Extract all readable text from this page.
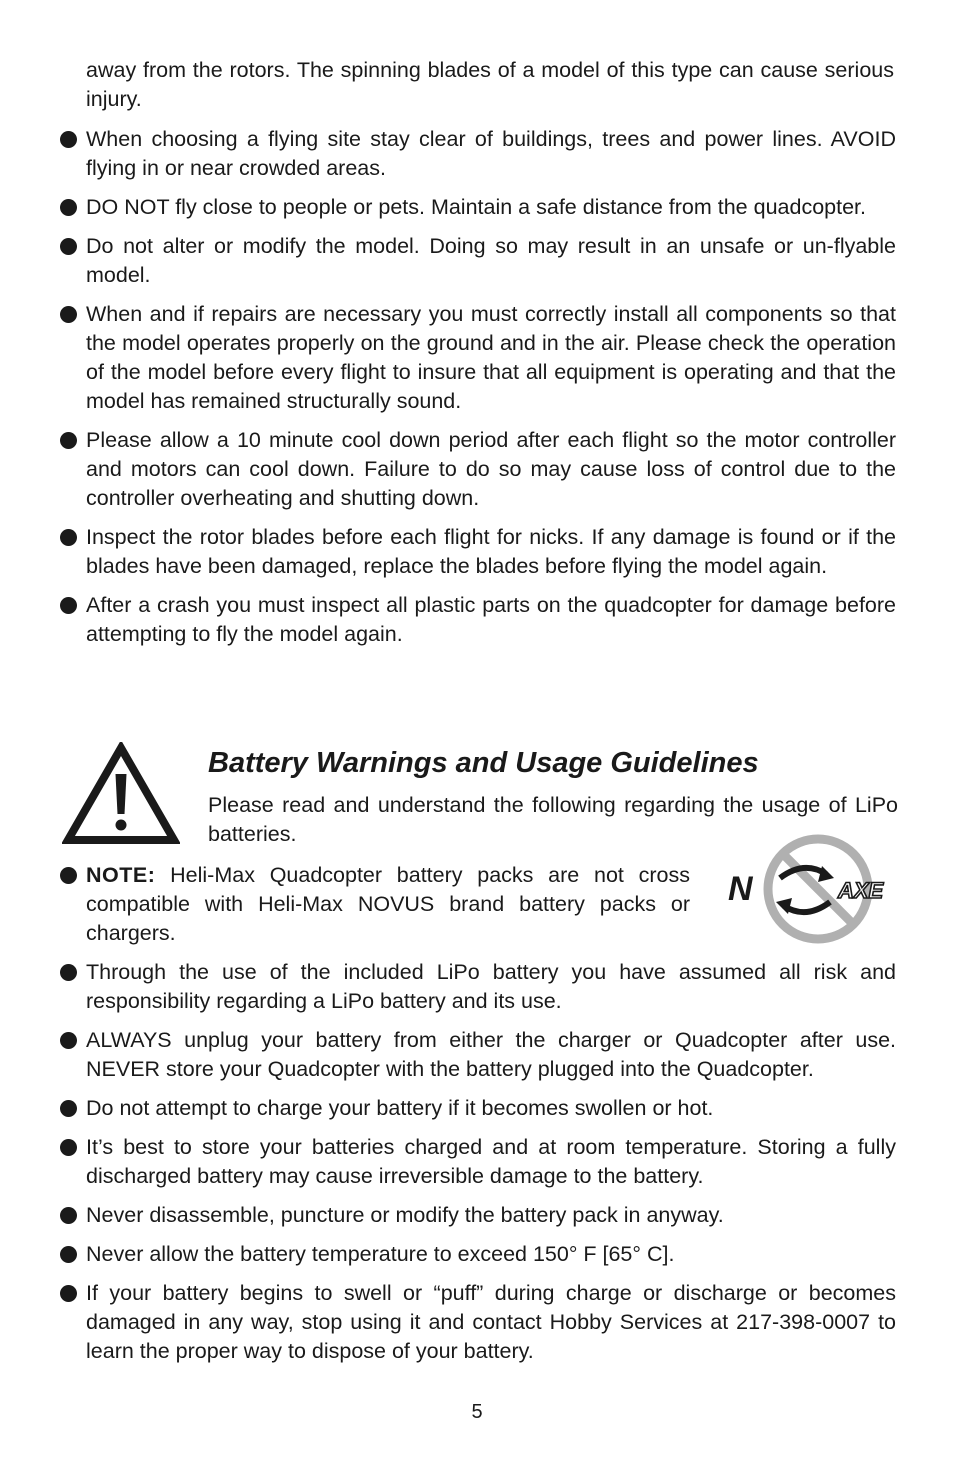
away from the rotors. The spinning blades of a model of this type can cause serious injury.

When choosing a flying site stay clear of buildings, trees and power lines. AVOID flying in or near crowded areas.
DO NOT fly close to people or pets. Maintain a safe distance from the quadcopter.
Do not alter or modify the model. Doing so may result in an unsafe or un-flyable model.
When and if repairs are necessary you must correctly install all components so that the model operates properly on the ground and in the air. Please check the operation of the model before every flight to insure that all equipment is operating and that the model has remained structurally sound.
Please allow a 10 minute cool down period after each flight so the motor controller and motors can cool down. Failure to do so may cause loss of control due to the controller overheating and shutting down.
Inspect the rotor blades before each flight for nicks. If any damage is found or if the blades have been damaged, replace the blades before flying the model again.
After a crash you must inspect all plastic parts on the quadcopter for damage before attempting to fly the model again.
Battery Warnings and Usage Guidelines

Please read and understand the following regarding the usage of LiPo batteries.

NOTE: Heli-Max Quadcopter battery packs are not cross compatible with Heli-Max NOVUS brand battery packs or chargers.
N	AXE
Through the use of the included LiPo battery you have assumed all risk and responsibility regarding a LiPo battery and its use.
ALWAYS unplug your battery from either the charger or Quadcopter after use. NEVER store your Quadcopter with the battery plugged into the Quadcopter.
Do not attempt to charge your battery if it becomes swollen or hot.
It’s best to store your batteries charged and at room temperature. Storing a fully discharged battery may cause irreversible damage to the battery.
Never disassemble, puncture or modify the battery pack in anyway.
Never allow the battery temperature to exceed 150° F [65° C].
If your battery begins to swell or “puff” during charge or discharge or becomes damaged in any way, stop using it and contact Hobby Services at 217-398-0007 to learn the proper way to dispose of your battery.
5
